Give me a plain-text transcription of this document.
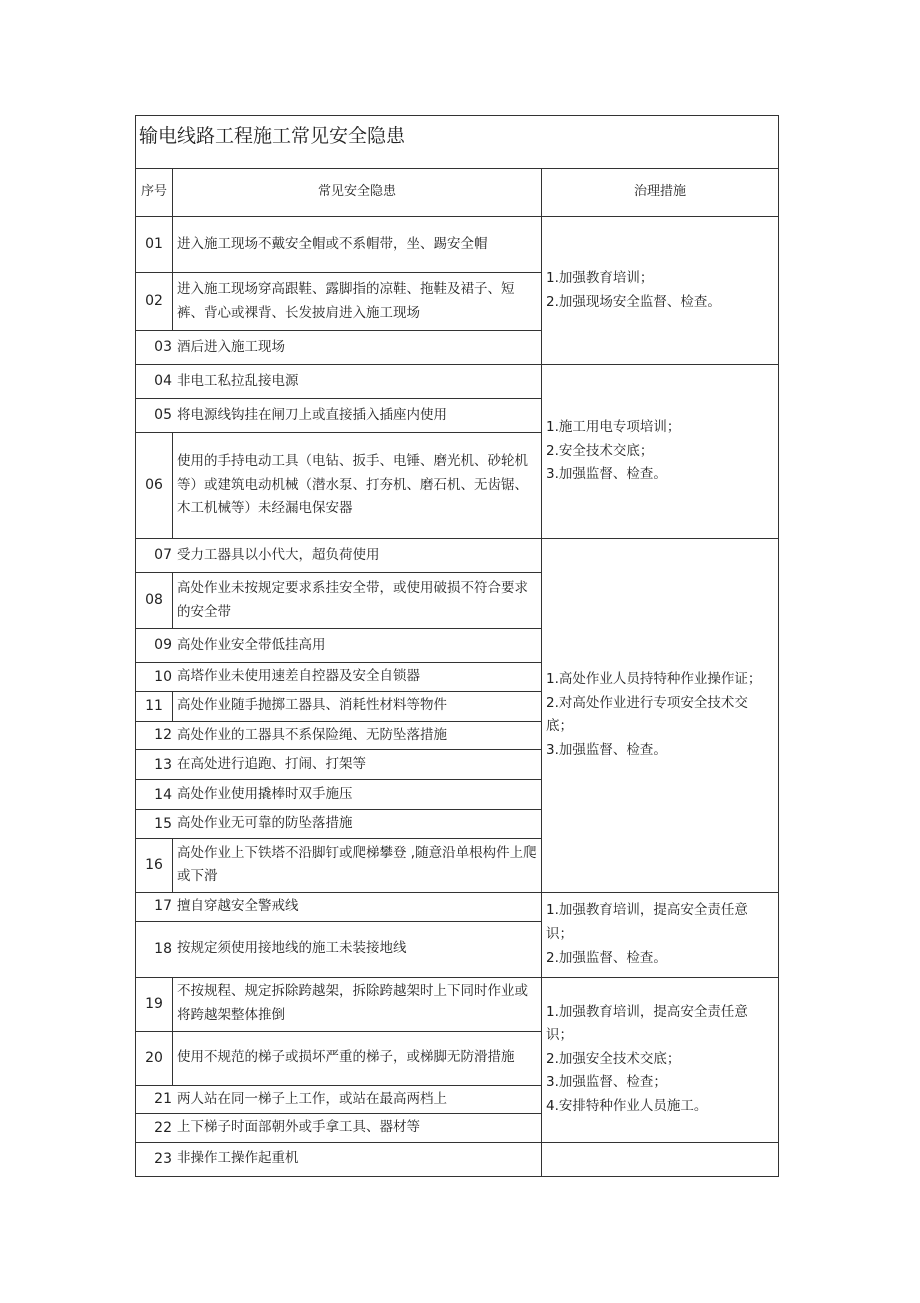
输电线路工程施工常见安全隐患		
序号	常见安全隐患	治理措施
01	进入施工现场不戴安全帽或不系帽带，坐、踢安全帽	1.加强教育培训；
2.加强现场安全监督、检查。

02	进入施工现场穿高跟鞋、露脚指的凉鞋、拖鞋及裙子、短裤、背心或裸背、长发披肩进入施工现场	
03	酒后进入施工现场	
04	非电工私拉乱接电源	1.施工用电专项培训；
2.安全技术交底；
3.加强监督、检查。

05	将电源线钩挂在闸刀上或直接插入插座内使用	
06	使用的手持电动工具（电钻、扳手、电锤、磨光机、砂轮机等）或建筑电动机械（潜水泵、打夯机、磨石机、无齿锯、木工机械等）未经漏电保安器	
07	受力工器具以小代大，超负荷使用	1.高处作业人员持特种作业操作证；
2.对高处作业进行专项安全技术交底；
3.加强监督、检查。

08	高处作业未按规定要求系挂安全带，或使用破损不符合要求的安全带	
09	高处作业安全带低挂高用	
10	高塔作业未使用速差自控器及安全自锁器	
11	高处作业随手抛掷工器具、消耗性材料等物件	
12	高处作业的工器具不系保险绳、无防坠落措施	
13	在高处进行追跑、打闹、打架等	
14	高处作业使用撬棒时双手施压	
15	高处作业无可靠的防坠落措施	
16	高处作业上下铁塔不沿脚钉或爬梯攀登 ,随意沿单根构件上爬或下滑	
17	擅自穿越安全警戒线	1.加强教育培训，提高安全责任意识；
2.加强监督、检查。

18	按规定须使用接地线的施工未装接地线	
19	不按规程、规定拆除跨越架，拆除跨越架时上下同时作业或将跨越架整体推倒	1.加强教育培训，提高安全责任意识；
2.加强安全技术交底；
3.加强监督、检查；
4.安排特种作业人员施工。

20	使用不规范的梯子或损坏严重的梯子，或梯脚无防滑措施	
21	两人站在同一梯子上工作，或站在最高两档上	
22	上下梯子时面部朝外或手拿工具、器材等	
23	非操作工操作起重机	
